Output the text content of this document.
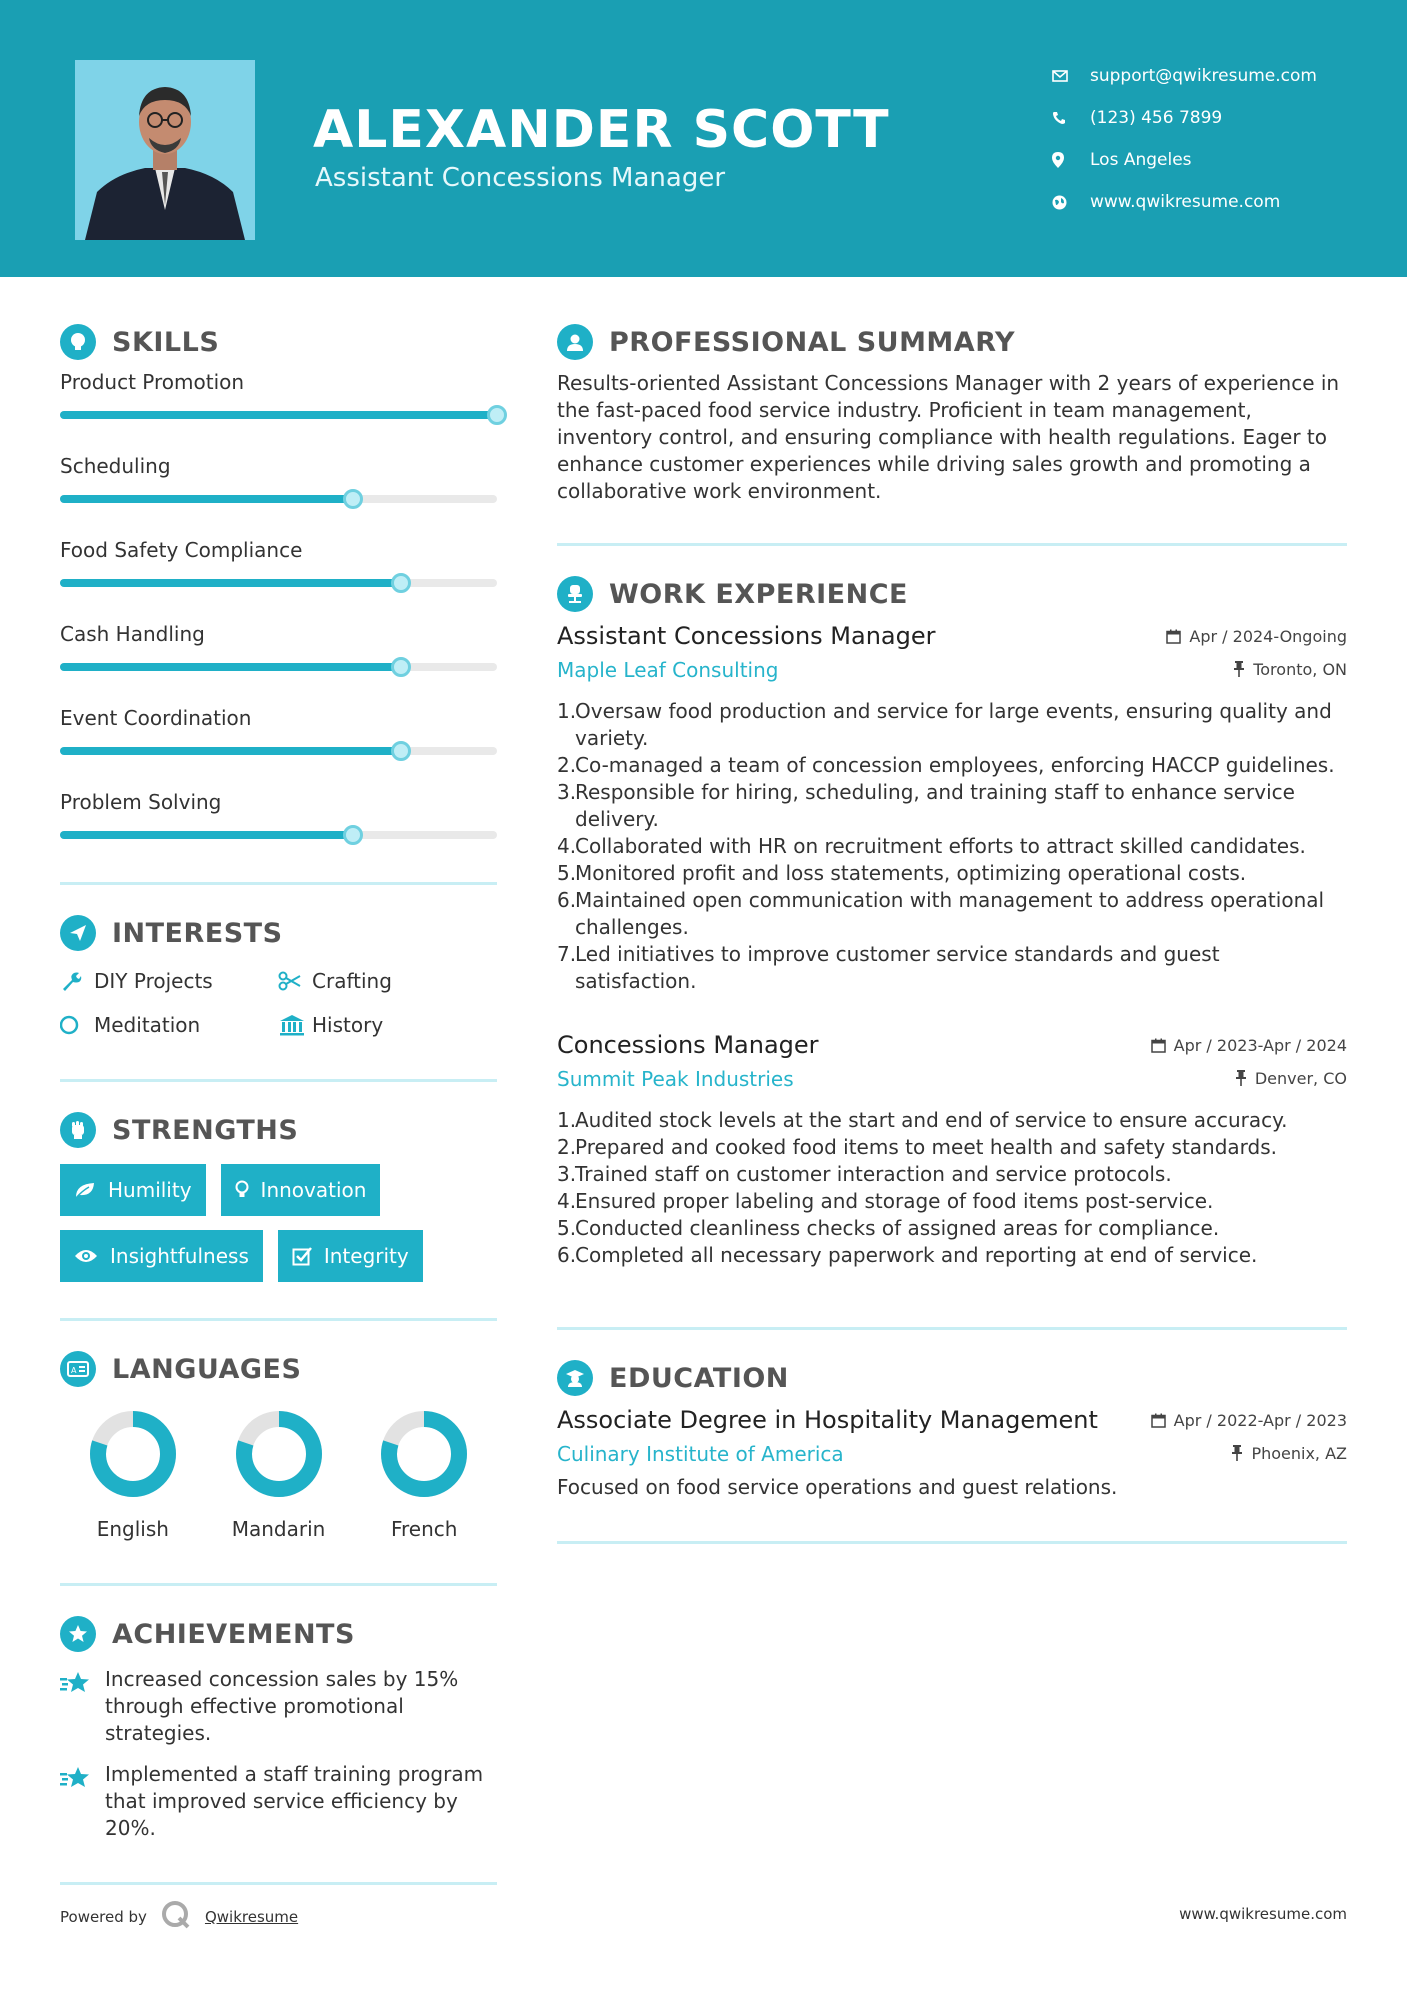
ALEXANDER SCOTT
Assistant Concessions Manager
support@qwikresume.com
(123) 456 7899
Los Angeles
www.qwikresume.com
SKILLS
Product Promotion
Scheduling
Food Safety Compliance
Cash Handling
Event Coordination
Problem Solving
INTERESTS
DIY Projects	Crafting
Meditation	History
STRENGTHS
Humility	Innovation
Insightfulness	Integrity
A LANGUAGES
English	Mandarin	French
ACHIEVEMENTS
Increased concession sales by 15% through effective promotional strategies.
Implemented a staff training program that improved service efficiency by 20%.
PROFESSIONAL SUMMARY

Results-oriented Assistant Concessions Manager with 2 years of experience in the fast-paced food service industry. Proficient in team management, inventory control, and ensuring compliance with health regulations. Eager to enhance customer experiences while driving sales growth and promoting a collaborative work environment.

WORK EXPERIENCE
Assistant Concessions Manager	Apr / 2024-Ongoing
Maple Leaf Consulting	Toronto, ON
1.
Oversaw food production and service for large events, ensuring quality and variety.
2.
Co-managed a team of concession employees, enforcing HACCP guidelines.
3.
Responsible for hiring, scheduling, and training staff to enhance service delivery.
4.
Collaborated with HR on recruitment efforts to attract skilled candidates.
5.
Monitored profit and loss statements, optimizing operational costs.
6.
Maintained open communication with management to address operational challenges.
7.
Led initiatives to improve customer service standards and guest satisfaction.
Concessions Manager	Apr / 2023-Apr / 2024
Summit Peak Industries	Denver, CO
1.
Audited stock levels at the start and end of service to ensure accuracy.
2.
Prepared and cooked food items to meet health and safety standards.
3.
Trained staff on customer interaction and service protocols.
4.
Ensured proper labeling and storage of food items post-service.
5.
Conducted cleanliness checks of assigned areas for compliance.
6.
Completed all necessary paperwork and reporting at end of service.
EDUCATION
Associate Degree in Hospitality Management	Apr / 2022-Apr / 2023
Culinary Institute of America	Phoenix, AZ

Focused on food service operations and guest relations.

Powered by	Qwikresume	www.qwikresume.com
